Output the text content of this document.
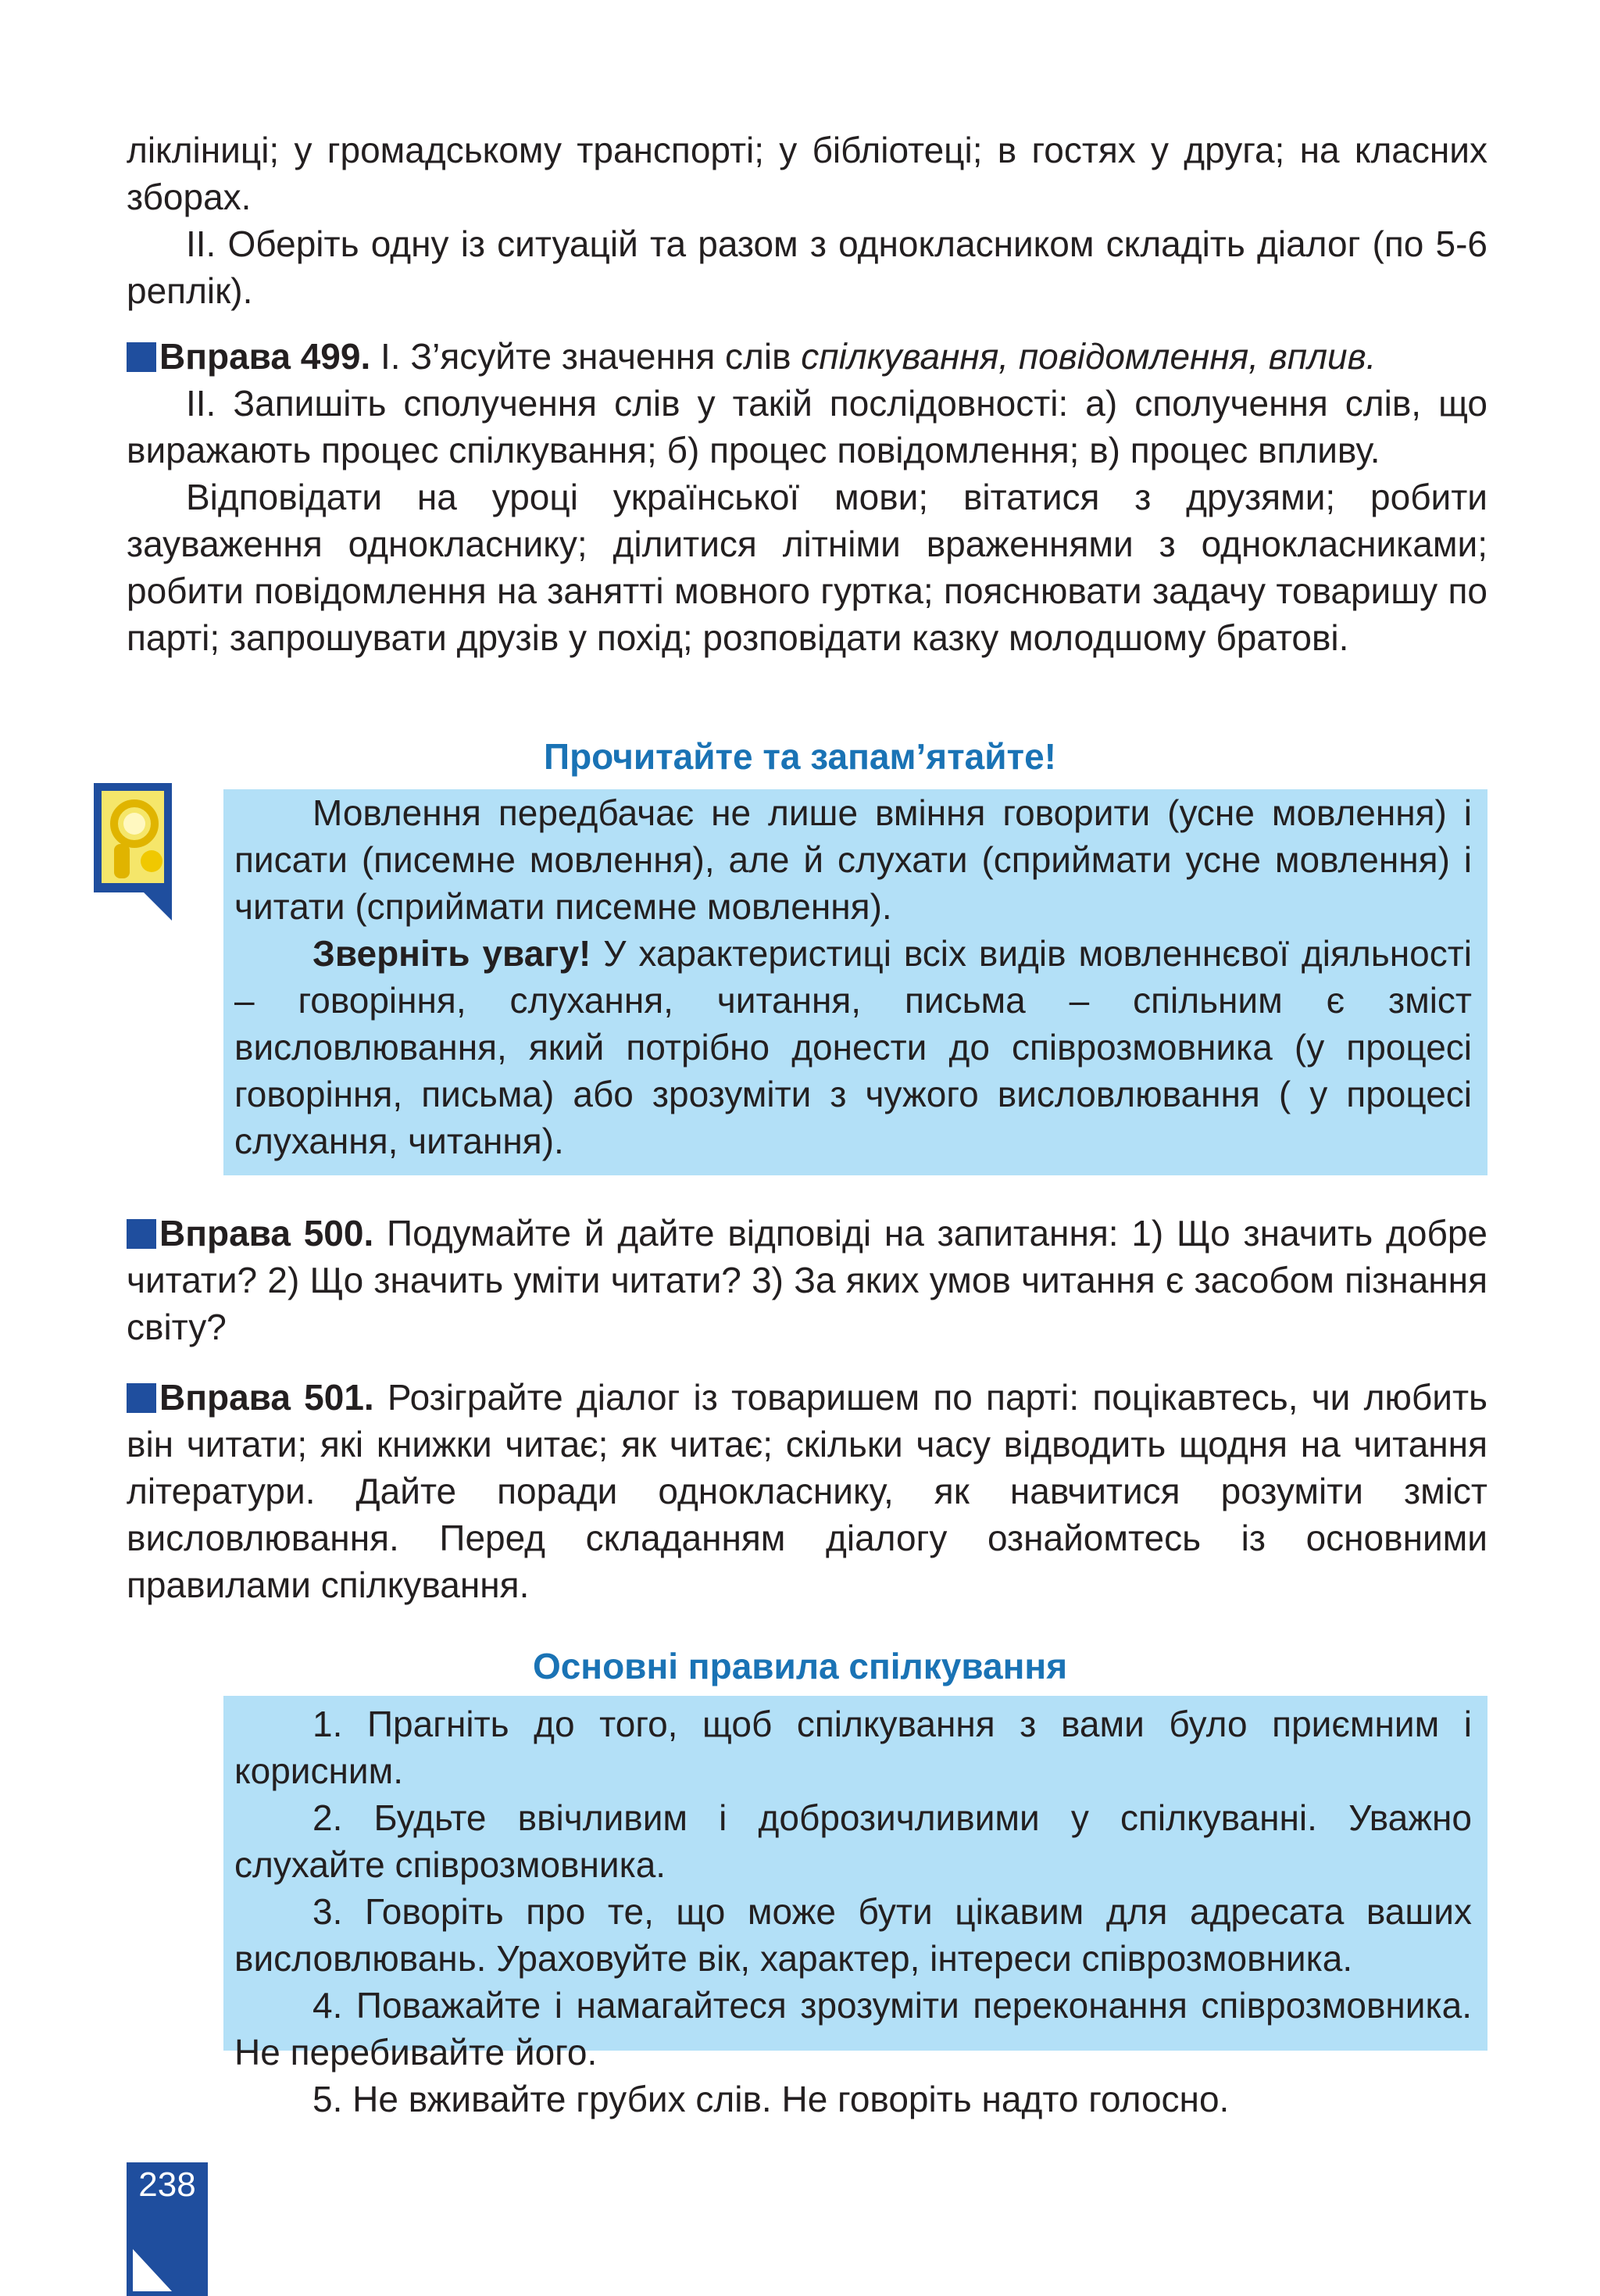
лікліниці; у громадському транспорті; у бібліотеці; в гостях у друга; на класних зборах.

ІІ. Оберіть одну із ситуацій та разом з однокласником складіть діалог (по 5-6 реплік).

Вправа 499. І. З’ясуйте значення слів спілкування, повідомлення, вплив.

ІІ. Запишіть сполучення слів у такій послідовності: а) сполучення слів, що виражають процес спілкування; б) процес повідомлення; в) процес впливу.

Відповідати на уроці української мови; вітатися з друзями; робити зауваження однокласнику; ділитися літніми враженнями з однокласниками; робити повідомлення на занятті мовного гуртка; пояснювати задачу товаришу по парті; запрошувати друзів у похід; розповідати казку молодшому братові.

Прочитайте та запам’ятайте!

Мовлення передбачає не лише вміння говорити (усне мовлення) і писати (писемне мовлення), але й слухати (сприймати усне мовлення) і читати (сприймати писемне мовлення).

Зверніть увагу! У характеристиці всіх видів мовленнєвої діяльності – говоріння, слухання, читання, письма – спільним є зміст висловлювання, який потрібно донести до співрозмовника (у процесі говоріння, письма) або зрозуміти з чужого висловлювання ( у процесі слухання, читання).

Вправа 500. Подумайте й дайте відповіді на запитання: 1) Що значить добре читати? 2) Що значить уміти читати? 3) За яких умов читання є засобом пізнання світу?

Вправа 501. Розіграйте діалог із товаришем по парті: поцікавтесь, чи любить він читати; які книжки читає; як читає; скільки часу відводить щодня на читання літератури. Дайте поради однокласнику, як навчитися розуміти зміст висловлювання. Перед складанням діалогу ознайомтесь із основними правилами спілкування.

Основні правила спілкування

1. Прагніть до того, щоб спілкування з вами було приємним і корисним.

2. Будьте ввічливим і доброзичливими у спілкуванні. Уважно слухайте співрозмовника.

3. Говоріть про те, що може бути цікавим для адресата ваших висловлювань. Ураховуйте вік, характер, інтереси співрозмовника.

4. Поважайте і намагайтеся зрозуміти переконання співрозмовника. Не перебивайте його.

5. Не вживайте грубих слів. Не говоріть надто голосно.

238
